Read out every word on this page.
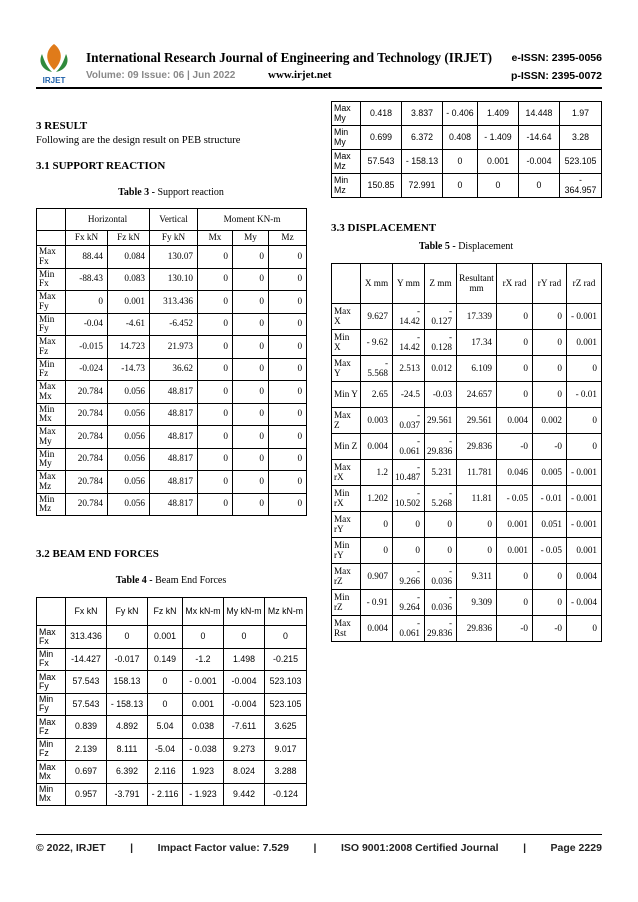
IRJET
International Research Journal of Engineering and Technology (IRJET) e-ISSN: 2395-0056
Volume: 09 Issue: 06 | Jun 2022	www.irjet.net	p-ISSN: 2395-0072
3 RESULT
Following are the design result on PEB structure
3.1 SUPPORT REACTION
Table 3 - Support reaction
	Horizontal		Vertical	Moment KN-m		
	Fx kN	Fz kN	Fy kN	Mx	My	Mz
Max Fx	88.44	0.084	130.07	0	0	0
Min Fx	-88.43	0.083	130.10	0	0	0
Max Fy	0	0.001	313.436	0	0	0
Min Fy	-0.04	-4.61	-6.452	0	0	0
Max Fz	-0.015	14.723	21.973	0	0	0
Min Fz	-0.024	-14.73	36.62	0	0	0
Max Mx	20.784	0.056	48.817	0	0	0
Min Mx	20.784	0.056	48.817	0	0	0
Max My	20.784	0.056	48.817	0	0	0
Min My	20.784	0.056	48.817	0	0	0
Max Mz	20.784	0.056	48.817	0	0	0
Min Mz	20.784	0.056	48.817	0	0	0
3.2 BEAM END FORCES
Table 4 - Beam End Forces
	Fx kN	Fy kN	Fz kN	Mx kN-m	My kN-m	Mz kN-m
Max Fx	313.436	0	0.001	0	0	0
Min Fx	-14.427	-0.017	0.149	-1.2	1.498	-0.215
Max Fy	57.543	158.13	0	- 0.001	-0.004	523.103
Min Fy	57.543	- 158.13	0	0.001	-0.004	523.105
Max Fz	0.839	4.892	5.04	0.038	-7.611	3.625
Min Fz	2.139	8.111	-5.04	- 0.038	9.273	9.017
Max Mx	0.697	6.392	2.116	1.923	8.024	3.288
Min Mx	0.957	-3.791	- 2.116	- 1.923	9.442	-0.124
Max My	0.418	3.837	- 0.406	1.409	14.448	1.97
Min My	0.699	6.372	0.408	- 1.409	-14.64	3.28
Max Mz	57.543	- 158.13	0	0.001	-0.004	523.105
Min Mz	150.85	72.991	0	0	0	- 364.957
3.3 DISPLACEMENT
Table 5 - Displacement
	X mm	Y mm	Z mm	Resultant mm	rX rad	rY rad	rZ rad
Max X	9.627	- 14.42	- 0.127	17.339	0	0	- 0.001
Min X	- 9.62	- 14.42	- 0.128	17.34	0	0	0.001
Max Y	- 5.568	2.513	0.012	6.109	0	0	0
Min Y	2.65	-24.5	-0.03	24.657	0	0	- 0.01
Max Z	0.003	- 0.037	29.561	29.561	0.004	0.002	0
Min Z	0.004	- 0.061	- 29.836	29.836	-0	-0	0
Max rX	1.2	- 10.487	5.231	11.781	0.046	0.005	- 0.001
Min rX	1.202	- 10.502	- 5.268	11.81	- 0.05	- 0.01	- 0.001
Max rY	0	0	0	0	0.001	0.051	- 0.001
Min rY	0	0	0	0	0.001	- 0.05	0.001
Max rZ	0.907	- 9.266	- 0.036	9.311	0	0	0.004
Min rZ	- 0.91	- 9.264	- 0.036	9.309	0	0	- 0.004
Max Rst	0.004	- 0.061	- 29.836	29.836	-0	-0	0
© 2022, IRJET | Impact Factor value: 7.529 | ISO 9001:2008 Certified Journal | Page 2229
